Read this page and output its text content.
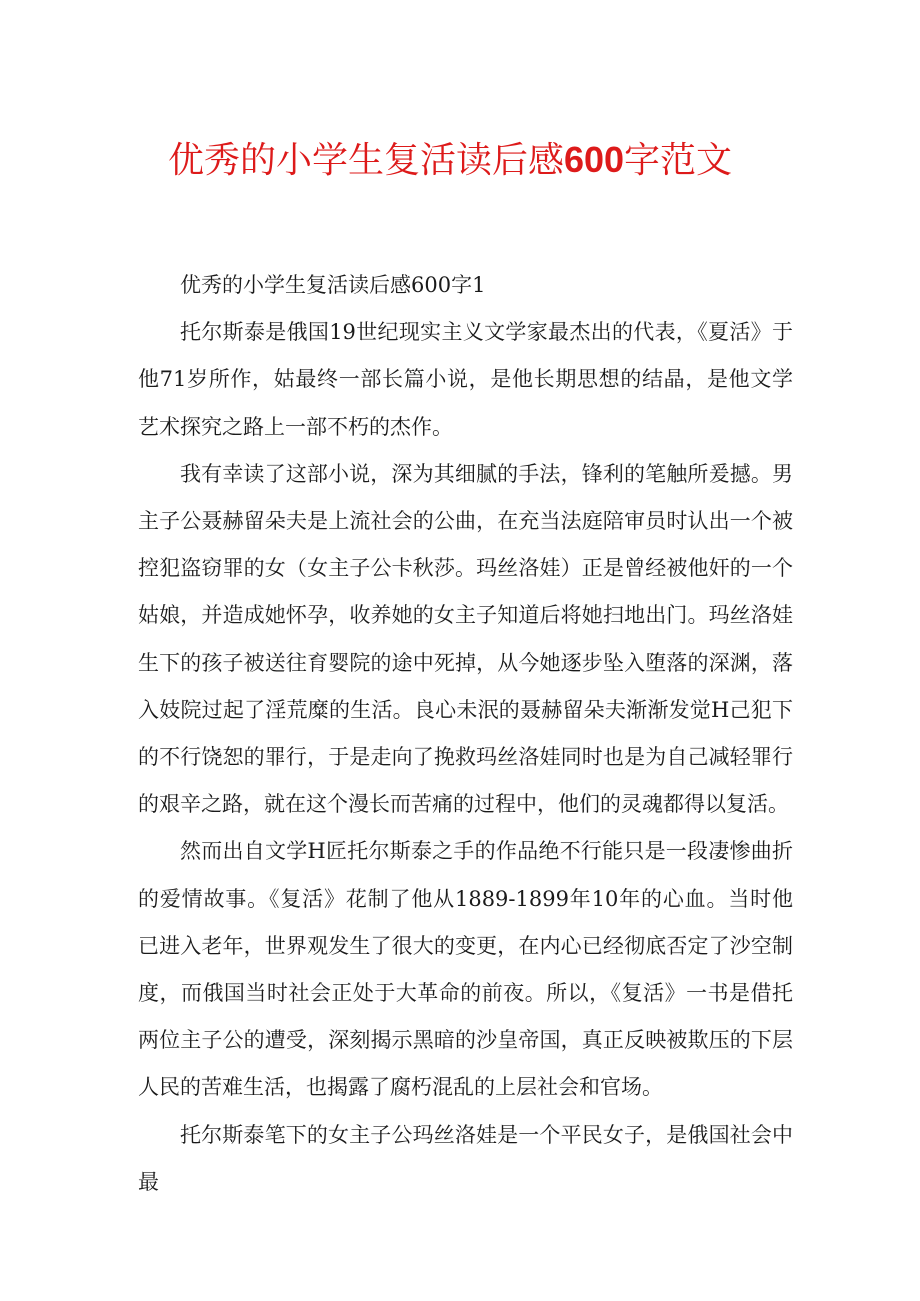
优秀的小学生复活读后感600字范文

优秀的小学生复活读后感600字1

托尔斯泰是俄国19世纪现实主义文学家最杰出的代表，《夏活》于他71岁所作，姑最终一部长篇小说，是他长期思想的结晶，是他文学艺术探究之路上一部不朽的杰作。

我有幸读了这部小说，深为其细腻的手法，锋利的笔触所爰撼。男主子公聂赫留朵夫是上流社会的公曲，在充当法庭陪审员时认出一个被控犯盗窃罪的女（女主子公卡秋莎。玛丝洛娃）正是曾经被他奸的一个姑娘，并造成她怀孕，收养她的女主子知道后将她扫地出门。玛丝洛娃生下的孩子被送往育婴院的途中死掉，从今她逐步坠入堕落的深渊，落入妓院过起了淫荒糜的生活。良心未泯的聂赫留朵夫渐渐发觉H己犯下的不行饶恕的罪行，于是走向了挽救玛丝洛娃同时也是为自己减轻罪行的艰辛之路，就在这个漫长而苦痛的过程中，他们的灵魂都得以复活。

然而出自文学H匠托尔斯泰之手的作品绝不行能只是一段凄惨曲折的爱情故事。《复活》花制了他从1889-1899年10年的心血。当时他已进入老年，世界观发生了很大的变更，在内心已经彻底否定了沙空制度，而俄国当时社会正处于大革命的前夜。所以，《复活》一书是借托两位主子公的遭受，深刻揭示黑暗的沙皇帝国，真正反映被欺压的下层人民的苦难生活，也揭露了腐朽混乱的上层社会和官场。

托尔斯泰笔下的女主子公玛丝洛娃是一个平民女子，是俄国社会中最
